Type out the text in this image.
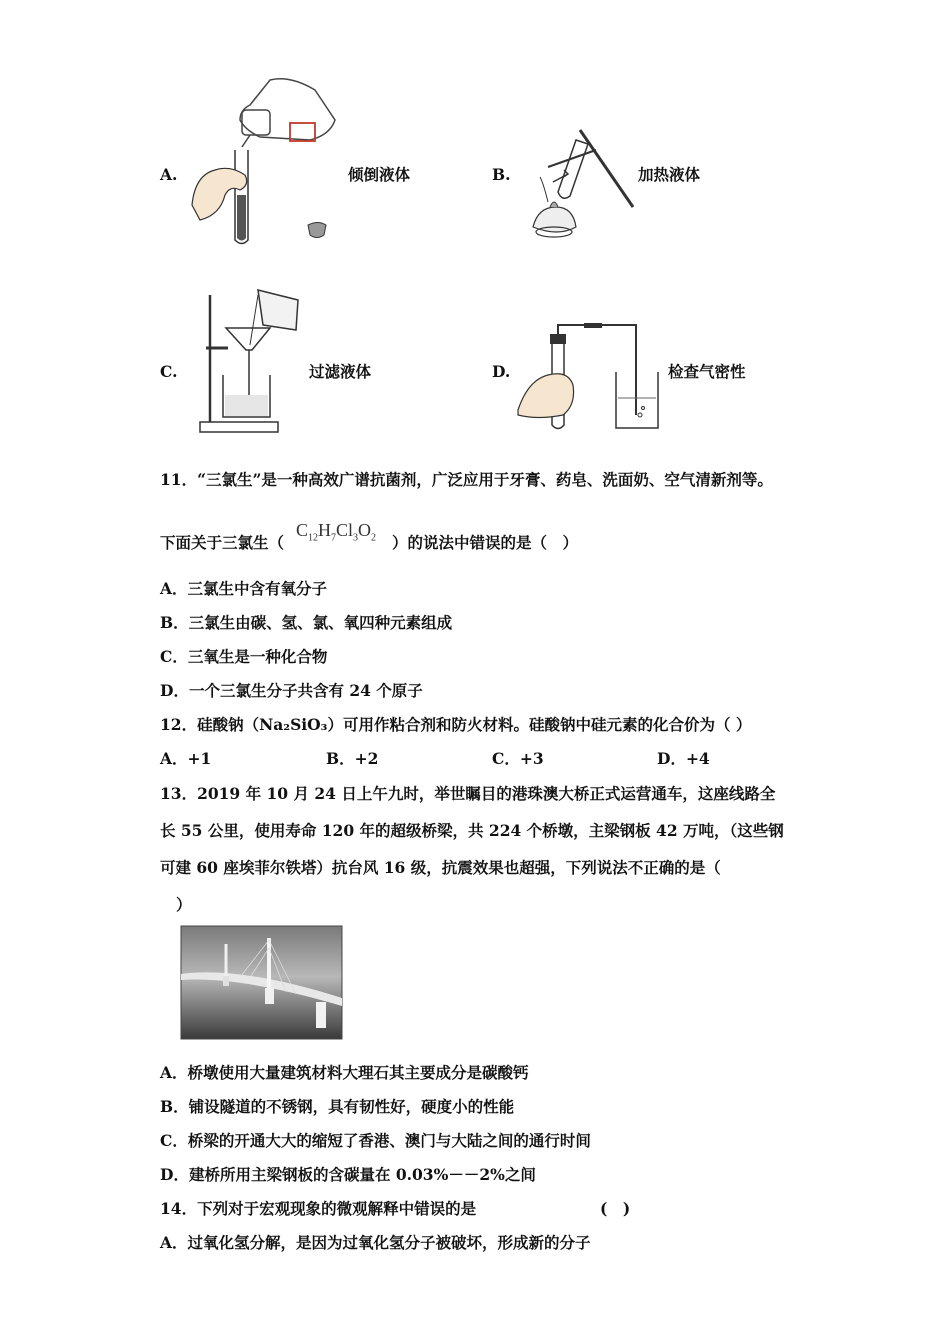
A.	倾倒液体	B.	加热液体
C.	过滤液体	D.	检查气密性
11．“三氯生”是一种高效广谱抗菌剂，广泛应用于牙膏、药皂、洗面奶、空气清新剂等。
下面关于三氯生（
$C_{12}H_7Cl_3O_2$ ）的说法中错误的是（　）
A．三氯生中含有氧分子
B．三氯生由碳、氢、氯、氧四种元素组成
C．三氧生是一种化合物
D．一个三氯生分子共含有 24 个原子
12．硅酸钠（Na₂SiO₃）可用作粘合剂和防火材料。硅酸钠中硅元素的化合价为（ ）
A．+1	B．+2	C．+3	D．+4
13．2019 年 10 月 24 日上午九时，举世瞩目的港珠澳大桥正式运营通车，这座线路全
长 55 公里，使用寿命 120 年的超级桥梁，共 224 个桥墩，主梁钢板 42 万吨，（这些钢
可建 60 座埃菲尔铁塔）抗台风 16 级，抗震效果也超强，下列说法不正确的是（
）
A．桥墩使用大量建筑材料大理石其主要成分是碳酸钙
B．铺设隧道的不锈钢，具有韧性好，硬度小的性能
C．桥梁的开通大大的缩短了香港、澳门与大陆之间的通行时间
D．建桥所用主梁钢板的含碳量在 0.03%－－2%之间
14．下列对于宏观现象的微观解释中错误的是	(　)
A．过氧化氢分解，是因为过氧化氢分子被破坏，形成新的分子
